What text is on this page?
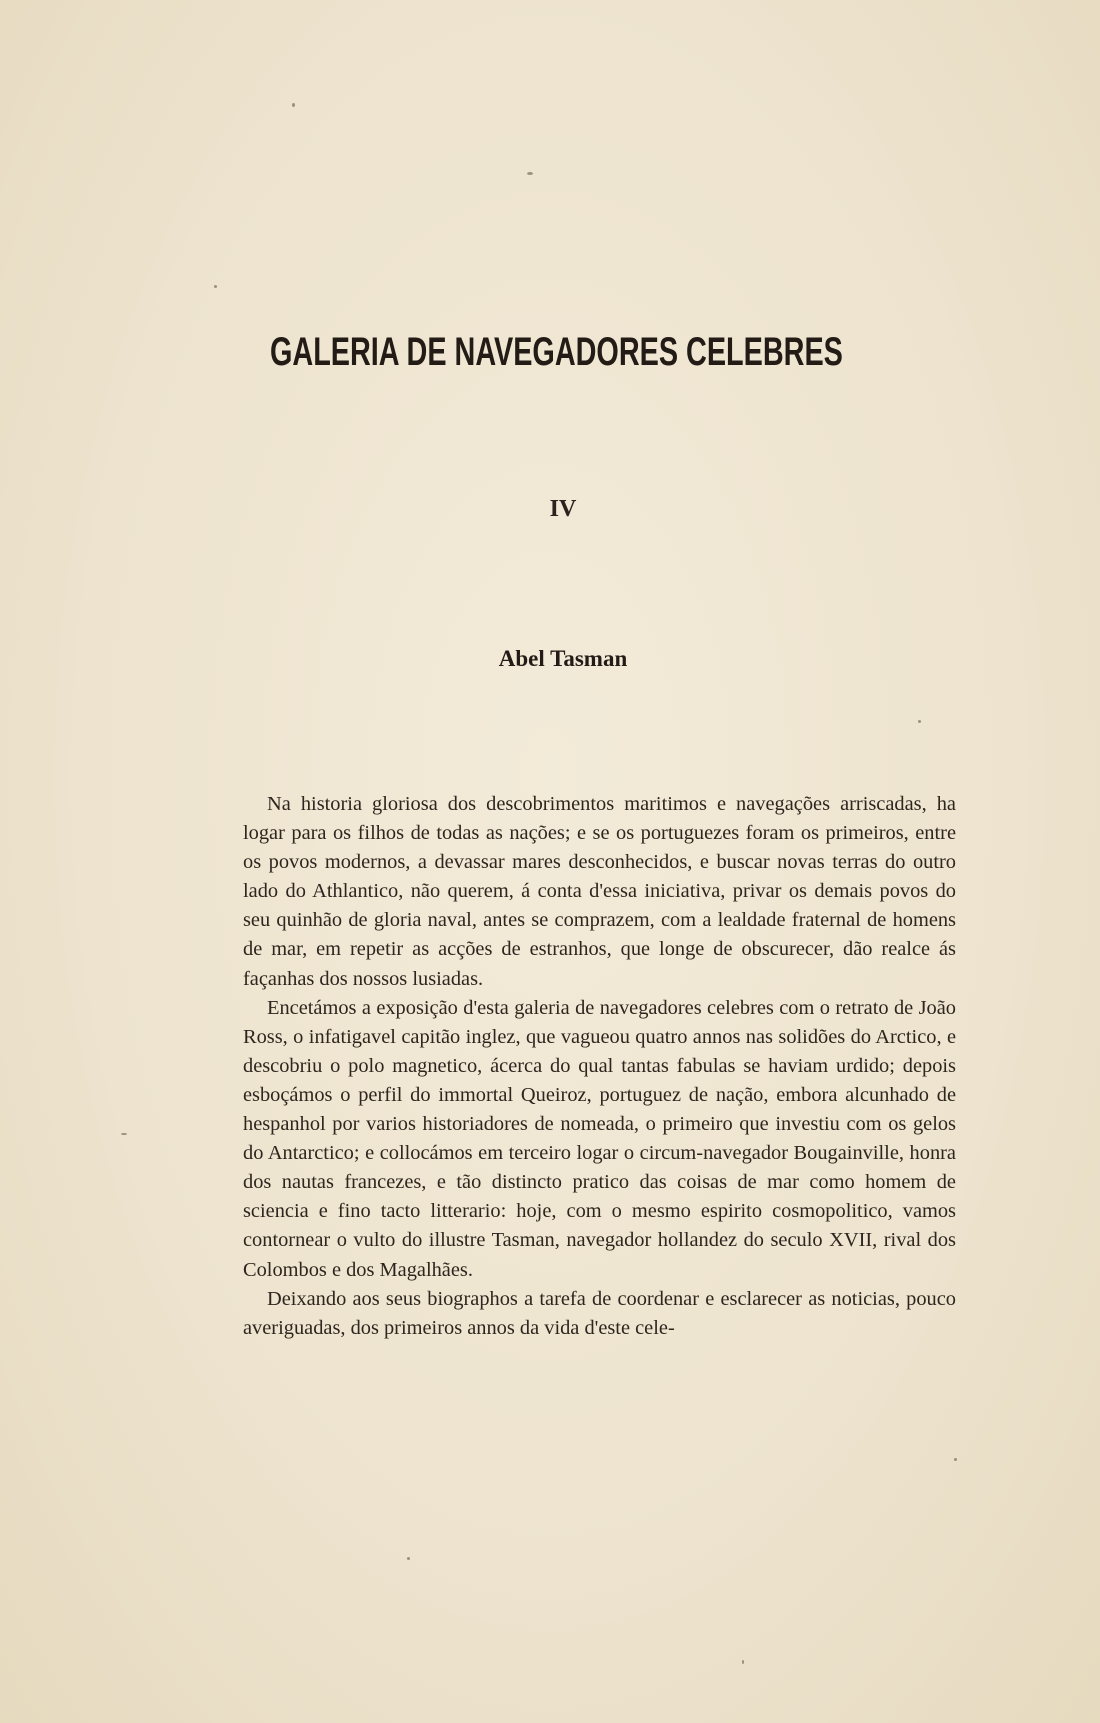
GALERIA DE NAVEGADORES CELEBRES
IV
Abel Tasman

Na historia gloriosa dos descobrimentos maritimos e navegações arriscadas, ha logar para os filhos de todas as nações; e se os portuguezes foram os primeiros, entre os povos modernos, a devassar mares desconhecidos, e buscar novas terras do outro lado do Athlantico, não querem, á conta d'essa iniciativa, privar os demais povos do seu quinhão de gloria naval, antes se comprazem, com a lealdade fraternal de homens de mar, em repetir as acções de estranhos, que longe de obscurecer, dão realce ás façanhas dos nossos lusiadas.

Encetámos a exposição d'esta galeria de navegadores celebres com o retrato de João Ross, o infatigavel capitão inglez, que vagueou quatro annos nas solidões do Arctico, e descobriu o polo magnetico, ácerca do qual tantas fabulas se haviam urdido; depois esboçámos o perfil do immortal Queiroz, portuguez de nação, embora alcunhado de hespanhol por varios historiadores de nomeada, o primeiro que investiu com os gelos do Antarctico; e collocámos em terceiro logar o circum-navegador Bougainville, honra dos nautas francezes, e tão distincto pratico das coisas de mar como homem de sciencia e fino tacto litterario: hoje, com o mesmo espirito cosmopolitico, vamos contornear o vulto do illustre Tasman, navegador hollandez do seculo XVII, rival dos Colombos e dos Magalhães.

Deixando aos seus biographos a tarefa de coordenar e esclarecer as noticias, pouco averiguadas, dos primeiros annos da vida d'este cele-
